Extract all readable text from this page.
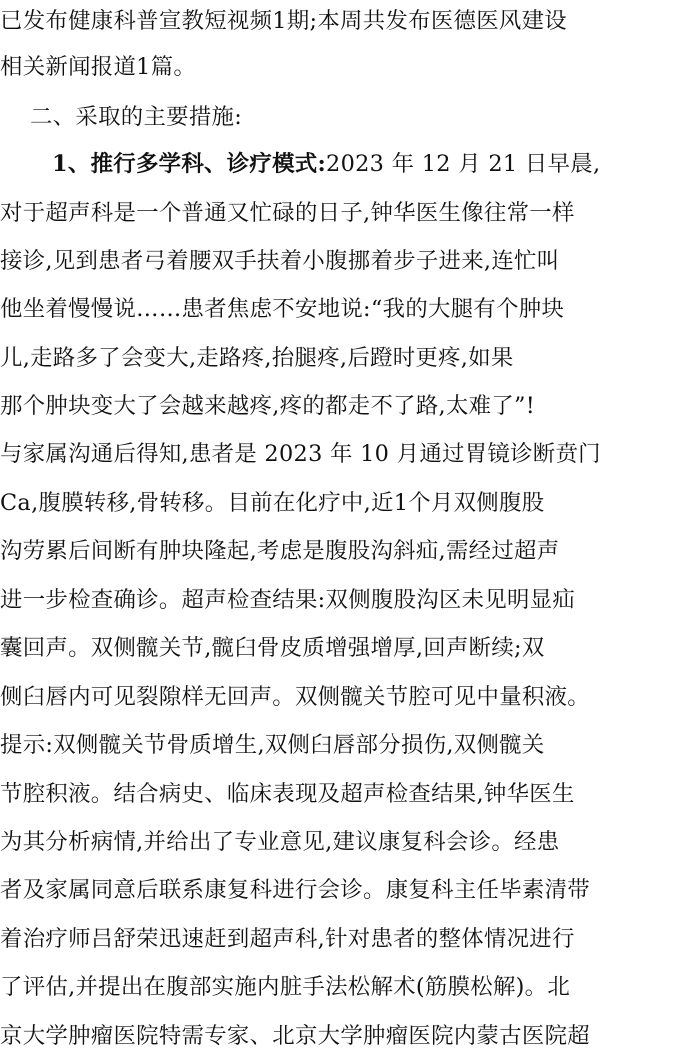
已发布健康科普宣教短视频1期;本周共发布医德医风建设
相关新闻报道1篇。
二、采取的主要措施:
1、推行多学科、诊疗模式:2023 年 12 月 21 日早晨,
对于超声科是一个普通又忙碌的日子,钟华医生像往常一样
接诊,见到患者弓着腰双手扶着小腹挪着步子进来,连忙叫
他坐着慢慢说……患者焦虑不安地说:“我的大腿有个肿块
儿,走路多了会变大,走路疼,抬腿疼,后蹬时更疼,如果
那个肿块变大了会越来越疼,疼的都走不了路,太难了”!
与家属沟通后得知,患者是 2023 年 10 月通过胃镜诊断贲门
Ca,腹膜转移,骨转移。目前在化疗中,近1个月双侧腹股
沟劳累后间断有肿块隆起,考虑是腹股沟斜疝,需经过超声
进一步检查确诊。超声检查结果:双侧腹股沟区未见明显疝
囊回声。双侧髋关节,髋臼骨皮质增强增厚,回声断续;双
侧臼唇内可见裂隙样无回声。双侧髋关节腔可见中量积液。
提示:双侧髋关节骨质增生,双侧臼唇部分损伤,双侧髋关
节腔积液。结合病史、临床表现及超声检查结果,钟华医生
为其分析病情,并给出了专业意见,建议康复科会诊。经患
者及家属同意后联系康复科进行会诊。康复科主任毕素清带
着治疗师吕舒荣迅速赶到超声科,针对患者的整体情况进行
了评估,并提出在腹部实施内脏手法松解术(筋膜松解)。北
京大学肿瘤医院特需专家、北京大学肿瘤医院内蒙古医院超
